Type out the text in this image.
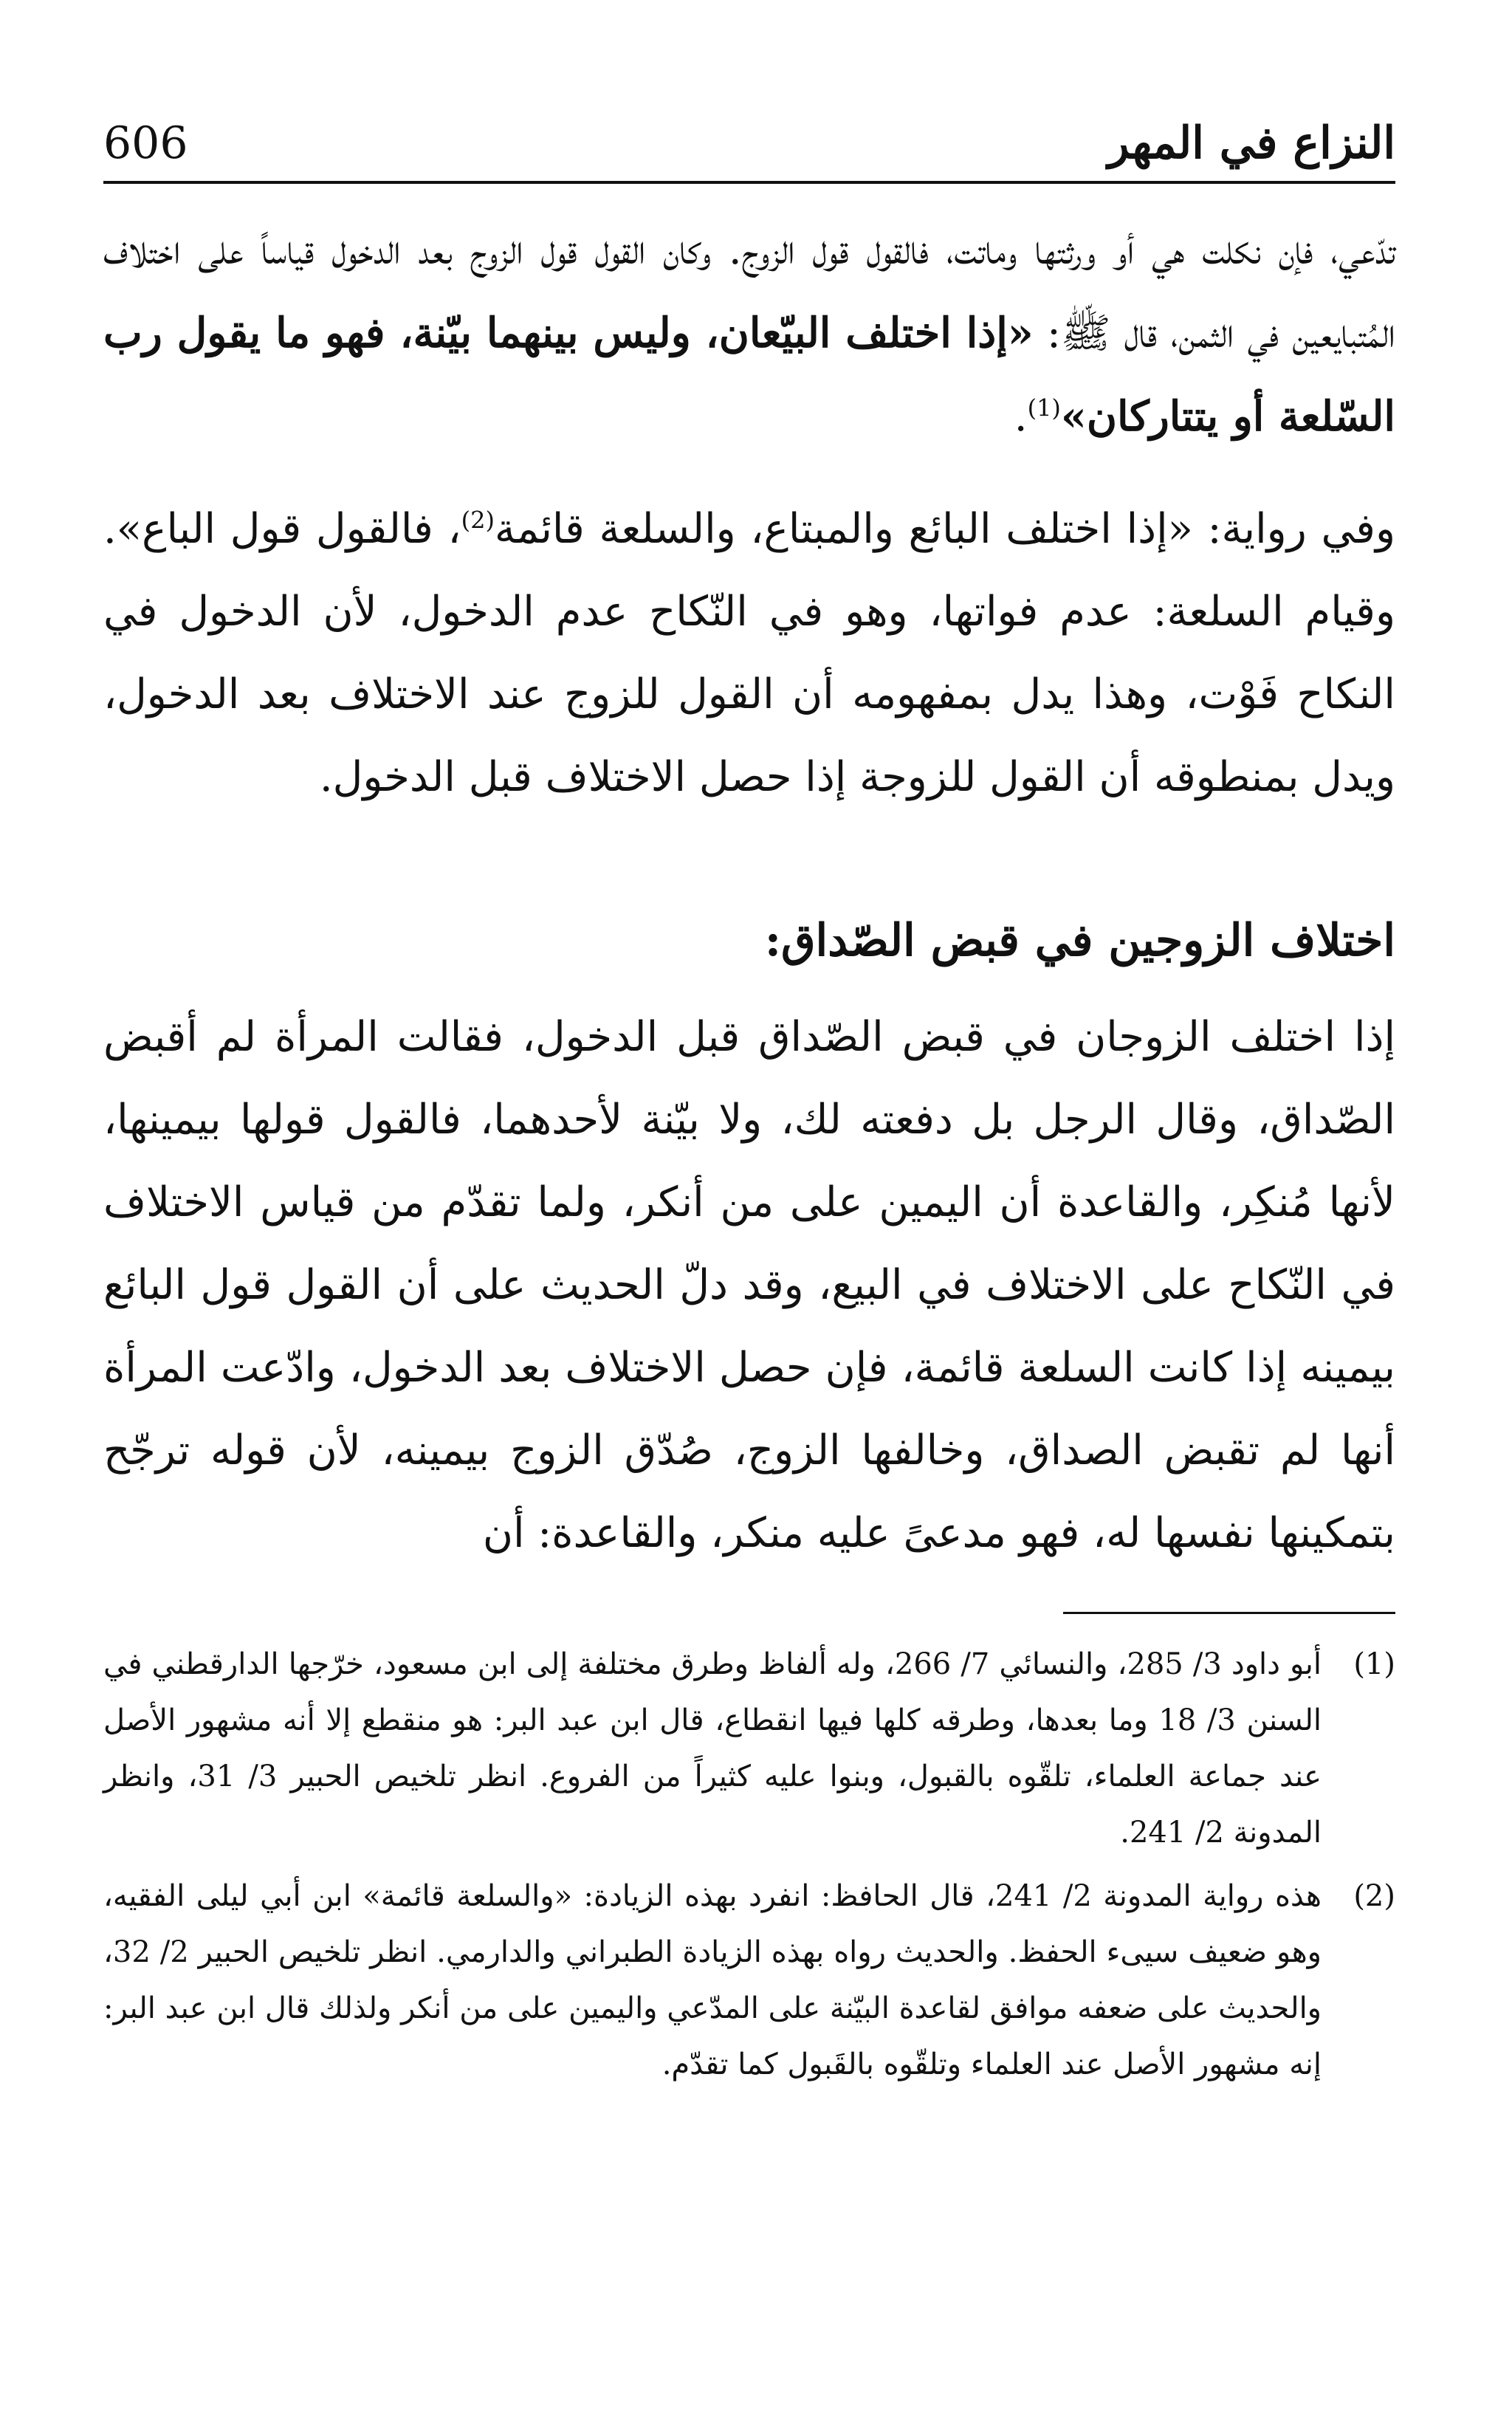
النزاع في المهر
606

تدّعي، فإن نكلت هي أو ورثتها وماتت، فالقول قول الزوج. وكان القول قول الزوج بعد الدخول قياساً على اختلاف المُتبايعين في الثمن، قال ﷺ: «إذا اختلف البيّعان، وليس بينهما بيّنة، فهو ما يقول رب السّلعة أو يتتاركان»$^{(1)}$.

وفي رواية: «إذا اختلف البائع والمبتاع، والسلعة قائمة$^{(2)}$، فالقول قول الباع». وقيام السلعة: عدم فواتها، وهو في النّكاح عدم الدخول، لأن الدخول في النكاح فَوْت، وهذا يدل بمفهومه أن القول للزوج عند الاختلاف بعد الدخول، ويدل بمنطوقه أن القول للزوجة إذا حصل الاختلاف قبل الدخول.

اختلاف الزوجين في قبض الصّداق:

إذا اختلف الزوجان في قبض الصّداق قبل الدخول، فقالت المرأة لم أقبض الصّداق، وقال الرجل بل دفعته لك، ولا بيّنة لأحدهما، فالقول قولها بيمينها، لأنها مُنكِر، والقاعدة أن اليمين على من أنكر، ولما تقدّم من قياس الاختلاف في النّكاح على الاختلاف في البيع، وقد دلّ الحديث على أن القول قول البائع بيمينه إذا كانت السلعة قائمة، فإن حصل الاختلاف بعد الدخول، وادّعت المرأة أنها لم تقبض الصداق، وخالفها الزوج، صُدّق الزوج بيمينه، لأن قوله ترجّح بتمكينها نفسها له، فهو مدعىً عليه منكر، والقاعدة: أن

(1)
أبو داود 3/ 285، والنسائي 7/ 266، وله ألفاظ وطرق مختلفة إلى ابن مسعود، خرّجها الدارقطني في السنن 3/ 18 وما بعدها، وطرقه كلها فيها انقطاع، قال ابن عبد البر: هو منقطع إلا أنه مشهور الأصل عند جماعة العلماء، تلقّوه بالقبول، وبنوا عليه كثيراً من الفروع. انظر تلخيص الحبير 3/ 31، وانظر المدونة 2/ 241.
(2)
هذه رواية المدونة 2/ 241، قال الحافظ: انفرد بهذه الزيادة: «والسلعة قائمة» ابن أبي ليلى الفقيه، وهو ضعيف سيىء الحفظ. والحديث رواه بهذه الزيادة الطبراني والدارمي. انظر تلخيص الحبير 2/ 32، والحديث على ضعفه موافق لقاعدة البيّنة على المدّعي واليمين على من أنكر ولذلك قال ابن عبد البر: إنه مشهور الأصل عند العلماء وتلقّوه بالقَبول كما تقدّم.
